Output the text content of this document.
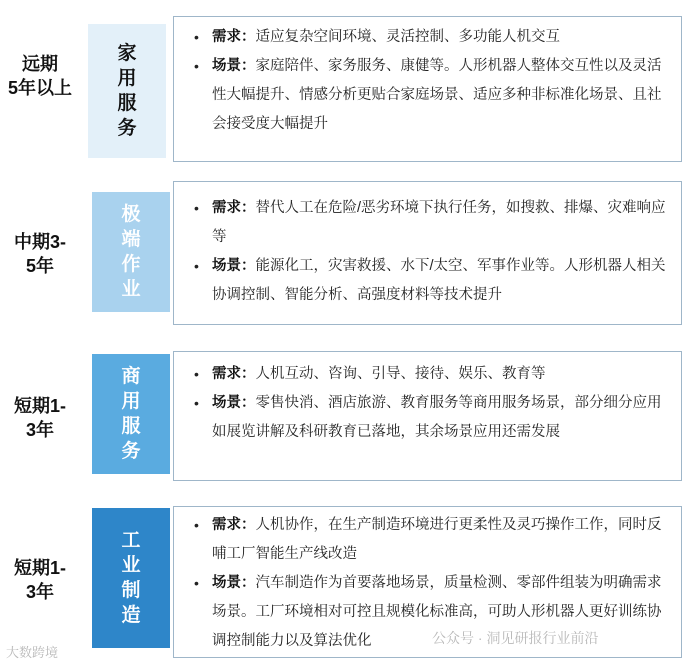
远期
5年以上
家
用
服
务
• 需求：适应复杂空间环境、灵活控制、多功能人机交互
• 场景：家庭陪伴、家务服务、康健等。人形机器人整体交互性以及灵活性大幅提升、情感分析更贴合家庭场景、适应多种非标准化场景、且社会接受度大幅提升
中期3-
5年
极
端
作
业
• 需求：替代人工在危险/恶劣环境下执行任务，如搜救、排爆、灾难响应等
• 场景：能源化工，灾害救援、水下/太空、军事作业等。人形机器人相关协调控制、智能分析、高强度材料等技术提升
短期1-
3年
商
用
服
务
• 需求：人机互动、咨询、引导、接待、娱乐、教育等
• 场景：零售快消、酒店旅游、教育服务等商用服务场景，部分细分应用如展览讲解及科研教育已落地，其余场景应用还需发展
短期1-
3年
工
业
制
造
• 需求：人机协作，在生产制造环境进行更柔性及灵巧操作工作，同时反哺工厂智能生产线改造
• 场景：汽车制造作为首要落地场景，质量检测、零部件组装为明确需求场景。工厂环境相对可控且规模化标准高，可助人形机器人更好训练协调控制能力以及算法优化
大数跨境
公众号 · 洞见研报行业前沿
